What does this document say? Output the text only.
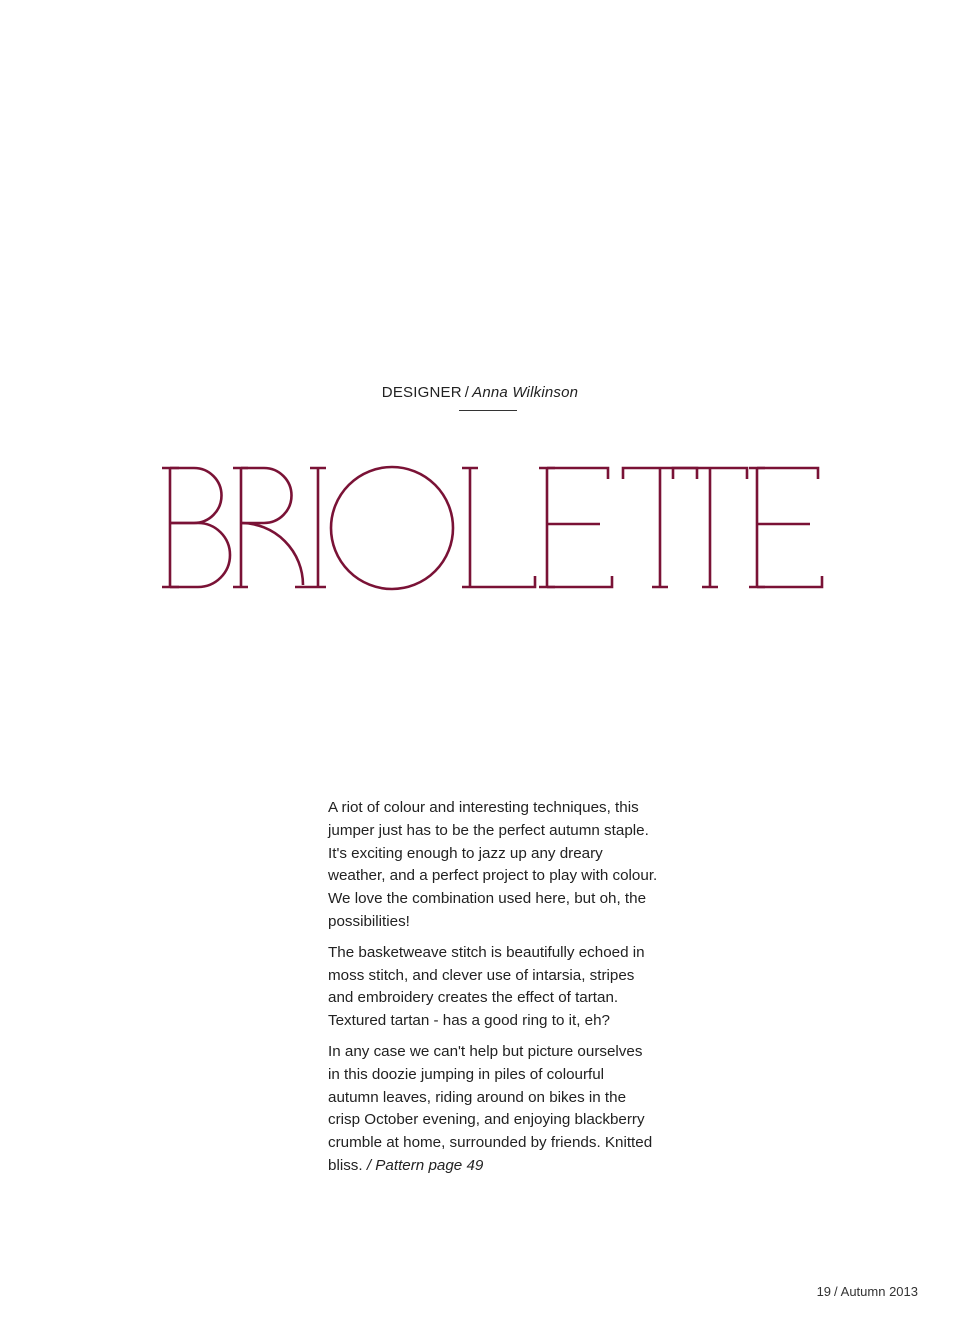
DESIGNER / Anna Wilkinson

A riot of colour and interesting techniques, this jumper just has to be the perfect autumn staple. It's exciting enough to jazz up any dreary weather, and a perfect project to play with colour. We love the combination used here, but oh, the possibilities!

The basketweave stitch is beautifully echoed in moss stitch, and clever use of intarsia, stripes and embroidery creates the effect of tartan. Textured tartan - has a good ring to it, eh?

In any case we can't help but picture ourselves in this doozie jumping in piles of colourful autumn leaves, riding around on bikes in the crisp October evening, and enjoying blackberry crumble at home, surrounded by friends. Knitted bliss. / Pattern page 49

19 / Autumn 2013
